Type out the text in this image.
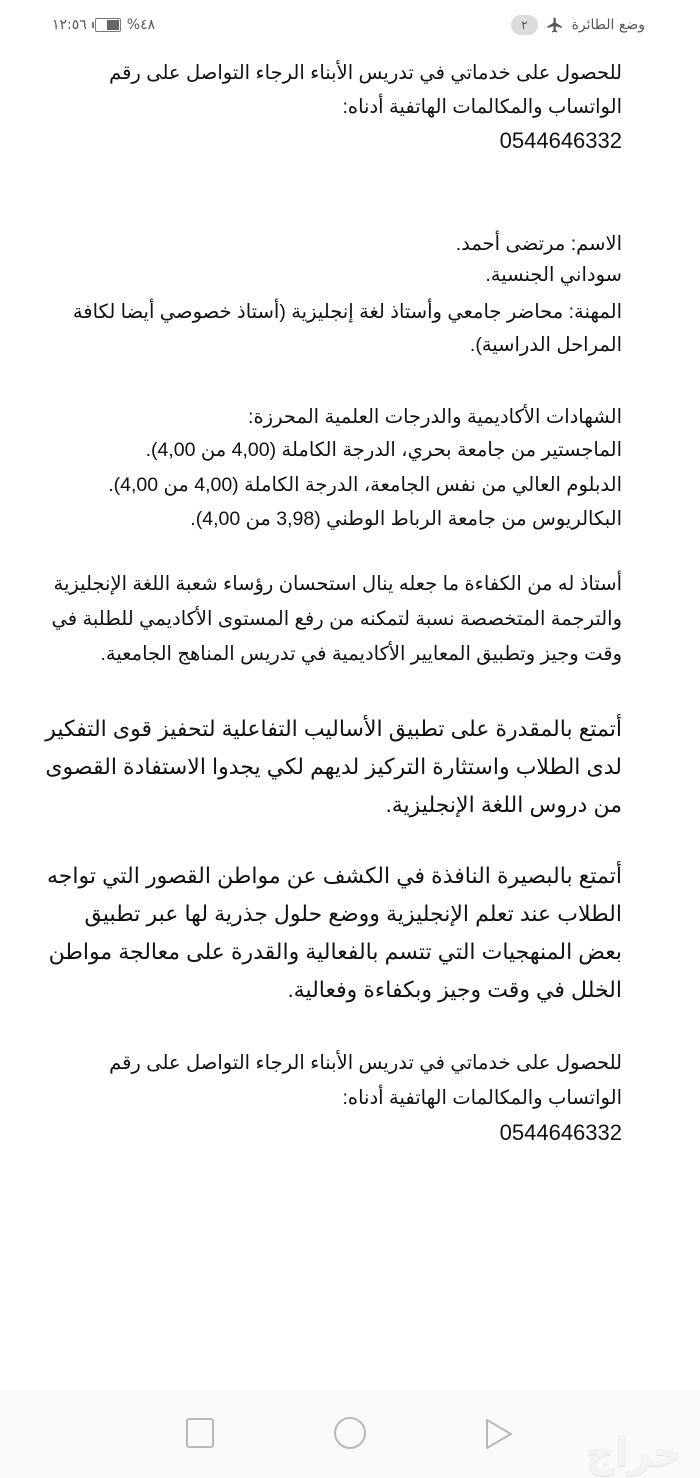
١٢:٥٦	%٤٨	وضع الطائرة
٢
للحصول على خدماتي في تدريس الأبناء الرجاء التواصل على رقم
الواتساب والمكالمات الهاتفية أدناه:
0544646332
الاسم: مرتضى أحمد.
سوداني الجنسية.
المهنة: محاضر جامعي وأستاذ لغة إنجليزية (أستاذ خصوصي أيضا لكافة
المراحل الدراسية).
الشهادات الأكاديمية والدرجات العلمية المحرزة:
الماجستير من جامعة بحري، الدرجة الكاملة (4,00 من 4,00).
الدبلوم العالي من نفس الجامعة، الدرجة الكاملة (4,00 من 4,00).
البكالريوس من جامعة الرباط الوطني (3,98 من 4,00).
أستاذ له من الكفاءة ما جعله ينال استحسان رؤساء شعبة اللغة الإنجليزية
والترجمة المتخصصة نسبة لتمكنه من رفع المستوى الأكاديمي للطلبة في
وقت وجيز وتطبيق المعايير الأكاديمية في تدريس المناهج الجامعية.
أتمتع بالمقدرة على تطبيق الأساليب التفاعلية لتحفيز قوى التفكير
لدى الطلاب واستثارة التركيز لديهم لكي يجدوا الاستفادة القصوى
من دروس اللغة الإنجليزية.
أتمتع بالبصيرة النافذة في الكشف عن مواطن القصور التي تواجه
الطلاب عند تعلم الإنجليزية ووضع حلول جذرية لها عبر تطبيق
بعض المنهجيات التي تتسم بالفعالية والقدرة على معالجة مواطن
الخلل في وقت وجيز وبكفاءة وفعالية.
للحصول على خدماتي في تدريس الأبناء الرجاء التواصل على رقم
الواتساب والمكالمات الهاتفية أدناه:
0544646332
حراج
